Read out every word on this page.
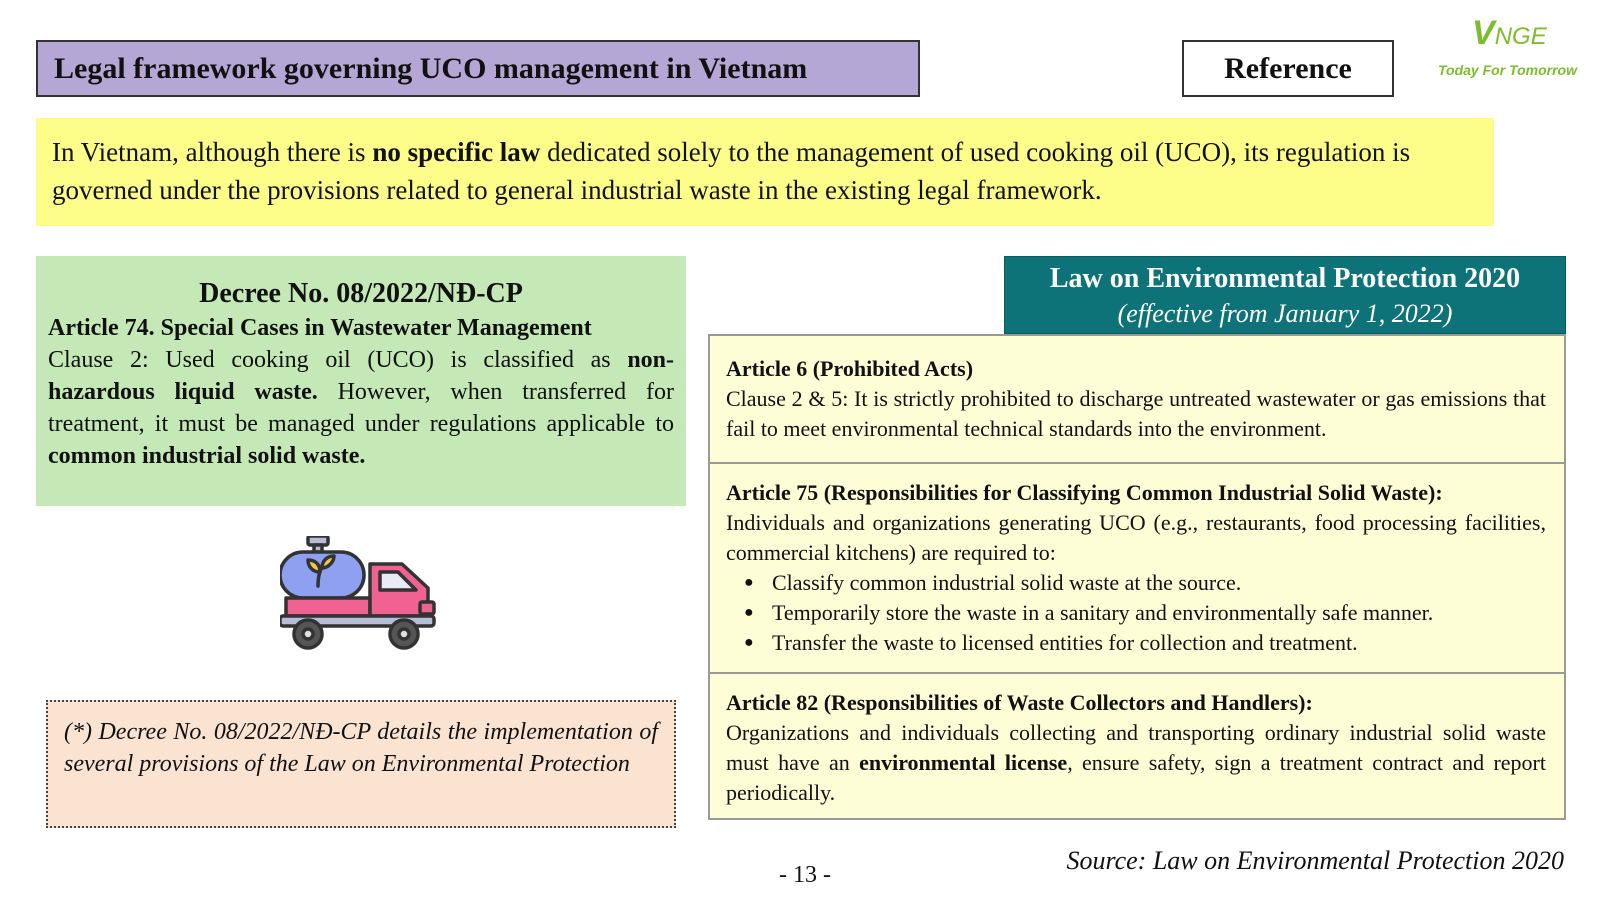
Legal framework governing UCO management in Vietnam	Reference
VNGE
Today For Tomorrow
In Vietnam, although there is no specific law dedicated solely to the management of used cooking oil (UCO), its regulation is governed under the provisions related to general industrial waste in the existing legal framework.
Decree No. 08/2022/NĐ-CP
Article 74. Special Cases in Wastewater Management
Clause 2: Used cooking oil (UCO) is classified as non-hazardous liquid waste. However, when transferred for treatment, it must be managed under regulations applicable to common industrial solid waste.
(*) Decree No. 08/2022/NĐ-CP details the implementation of several provisions of the Law on Environmental Protection
Law on Environmental Protection 2020
(effective from January 1, 2022)
Article 6 (Prohibited Acts)
Clause 2 & 5: It is strictly prohibited to discharge untreated wastewater or gas emissions that fail to meet environmental technical standards into the environment.
Article 75 (Responsibilities for Classifying Common Industrial Solid Waste):
Individuals and organizations generating UCO (e.g., restaurants, food processing facilities, commercial kitchens) are required to:
● Classify common industrial solid waste at the source.
● Temporarily store the waste in a sanitary and environmentally safe manner.
● Transfer the waste to licensed entities for collection and treatment.
Article 82 (Responsibilities of Waste Collectors and Handlers):
Organizations and individuals collecting and transporting ordinary industrial solid waste must have an environmental license, ensure safety, sign a treatment contract and report periodically.
- 13 -	Source: Law on Environmental Protection 2020
